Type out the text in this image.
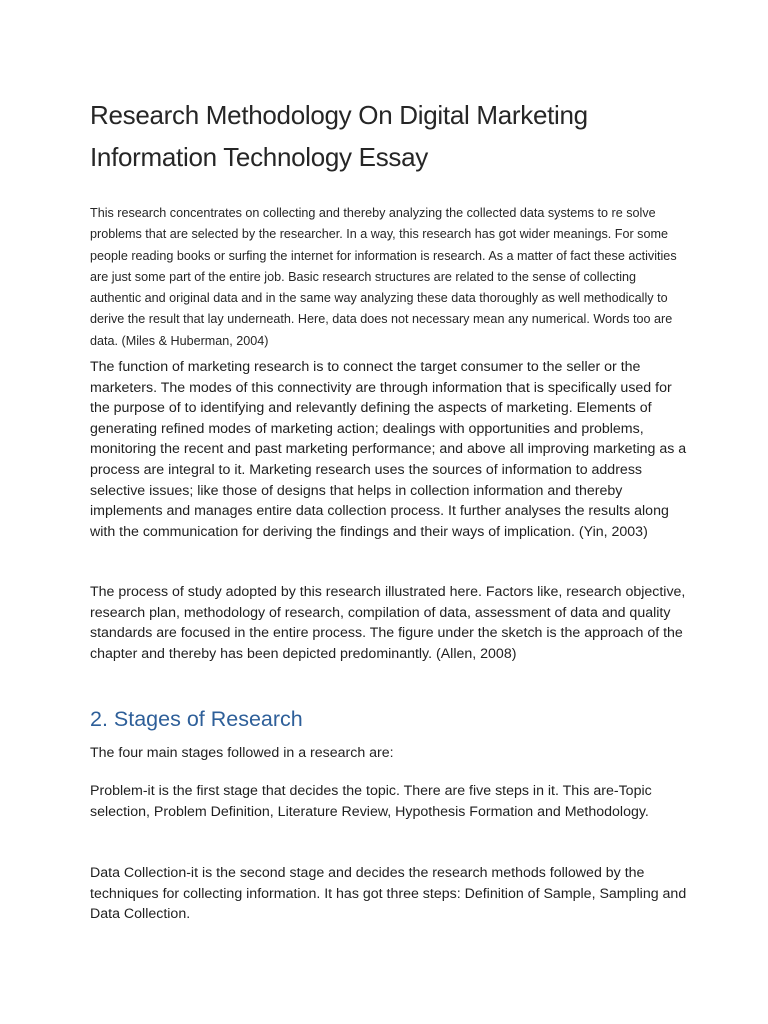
Research Methodology On Digital Marketing Information Technology Essay

This research concentrates on collecting and thereby analyzing the collected data systems to re solve problems that are selected by the researcher. In a way, this research has got wider meanings. For some people reading books or surfing the internet for information is research. As a matter of fact these activities are just some part of the entire job. Basic research structures are related to the sense of collecting authentic and original data and in the same way analyzing these data thoroughly as well methodically to derive the result that lay underneath. Here, data does not necessary mean any numerical. Words too are data. (Miles & Huberman, 2004)

The function of marketing research is to connect the target consumer to the seller or the marketers. The modes of this connectivity are through information that is specifically used for the purpose of to identifying and relevantly defining the aspects of marketing. Elements of generating refined modes of marketing action; dealings with opportunities and problems, monitoring the recent and past marketing performance; and above all improving marketing as a process are integral to it. Marketing research uses the sources of information to address selective issues; like those of designs that helps in collection information and thereby implements and manages entire data collection process. It further analyses the results along with the communication for deriving the findings and their ways of implication. (Yin, 2003)

The process of study adopted by this research illustrated here. Factors like, research objective, research plan, methodology of research, compilation of data, assessment of data and quality standards are focused in the entire process. The figure under the sketch is the approach of the chapter and thereby has been depicted predominantly. (Allen, 2008)

2. Stages of Research

The four main stages followed in a research are:

Problem-it is the first stage that decides the topic. There are five steps in it. This are-Topic selection, Problem Definition, Literature Review, Hypothesis Formation and Methodology.

Data Collection-it is the second stage and decides the research methods followed by the techniques for collecting information. It has got three steps: Definition of Sample, Sampling and Data Collection.
